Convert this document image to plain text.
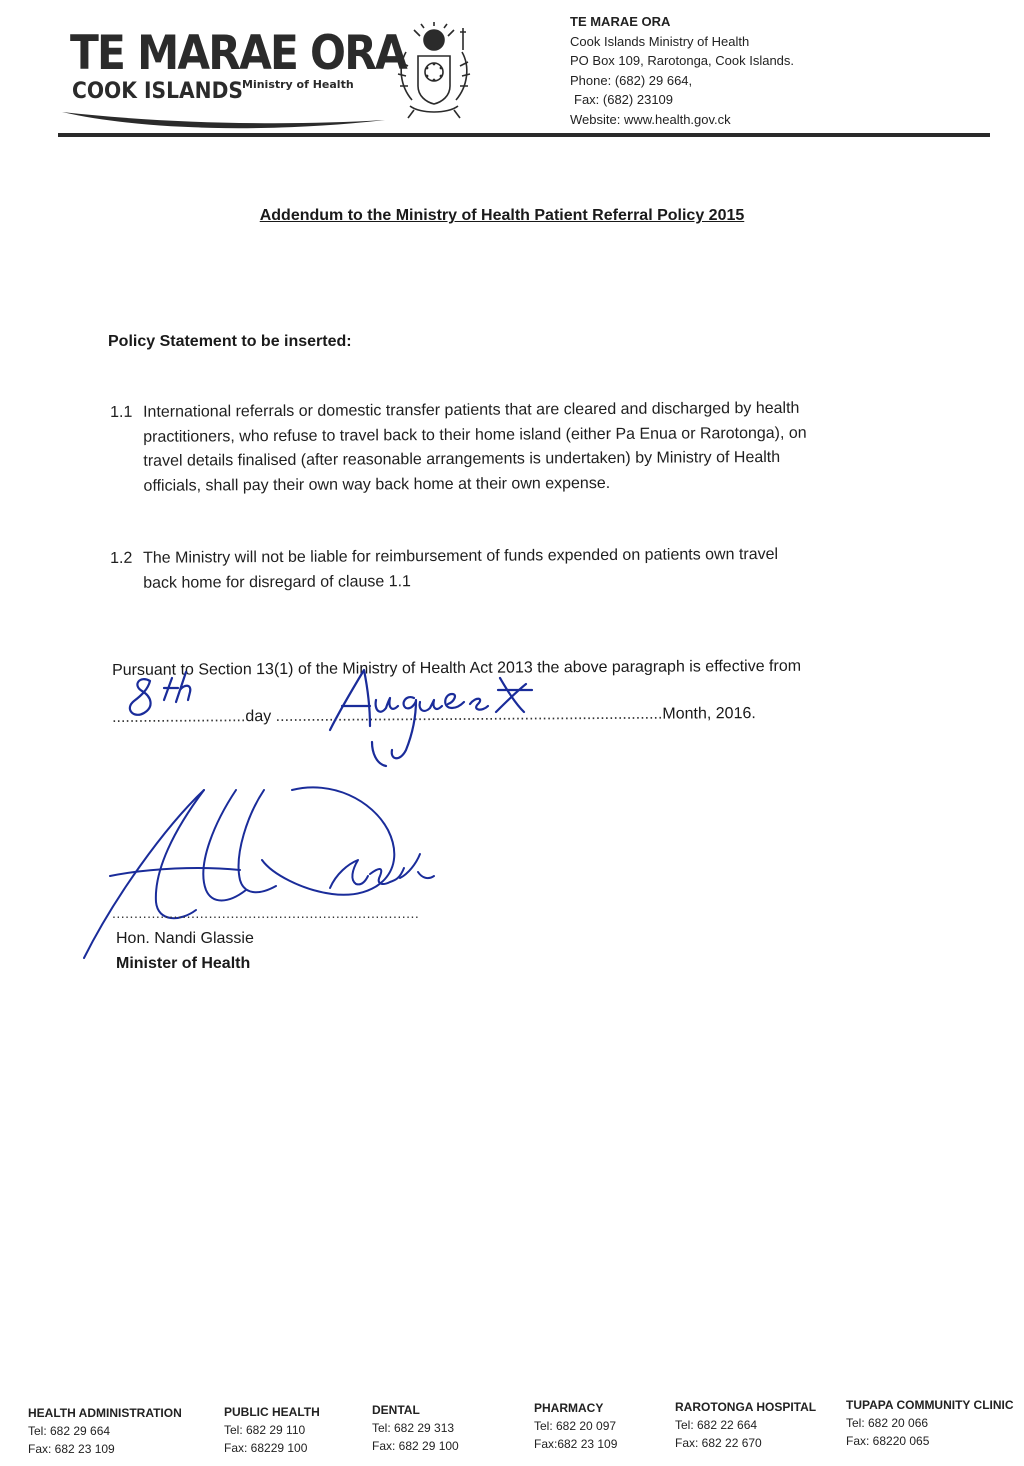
TE MARAE ORA
COOK ISLANDS Ministry of Health
TE MARAE ORA
Cook Islands Ministry of Health
PO Box 109, Rarotonga, Cook Islands.
Phone: (682) 29 664,
Fax: (682) 23109
Website: www.health.gov.ck
Addendum to the Ministry of Health Patient Referral Policy 2015
Policy Statement to be inserted:
1.1 International referrals or domestic transfer patients that are cleared and discharged by health
practitioners, who refuse to travel back to their home island (either Pa Enua or Rarotonga), on
travel details finalised (after reasonable arrangements is undertaken) by Ministry of Health
officials, shall pay their own way back home at their own expense.
1.2 The Ministry will not be liable for reimbursement of funds expended on patients own travel
back home for disregard of clause 1.1
Pursuant to Section 13(1) of the Ministry of Health Act 2013 the above paragraph is effective from
..............................day .......................................................................................Month, 2016.
......................................................................
Hon. Nandi Glassie
Minister of Health
HEALTH ADMINISTRATION
Tel: 682 29 664
Fax: 682 23 109
PUBLIC HEALTH
Tel: 682 29 110
Fax: 68229 100
DENTAL
Tel: 682 29 313
Fax: 682 29 100
PHARMACY
Tel: 682 20 097
Fax:682 23 109
RAROTONGA HOSPITAL
Tel: 682 22 664
Fax: 682 22 670
TUPAPA COMMUNITY CLINIC
Tel: 682 20 066
Fax: 68220 065
